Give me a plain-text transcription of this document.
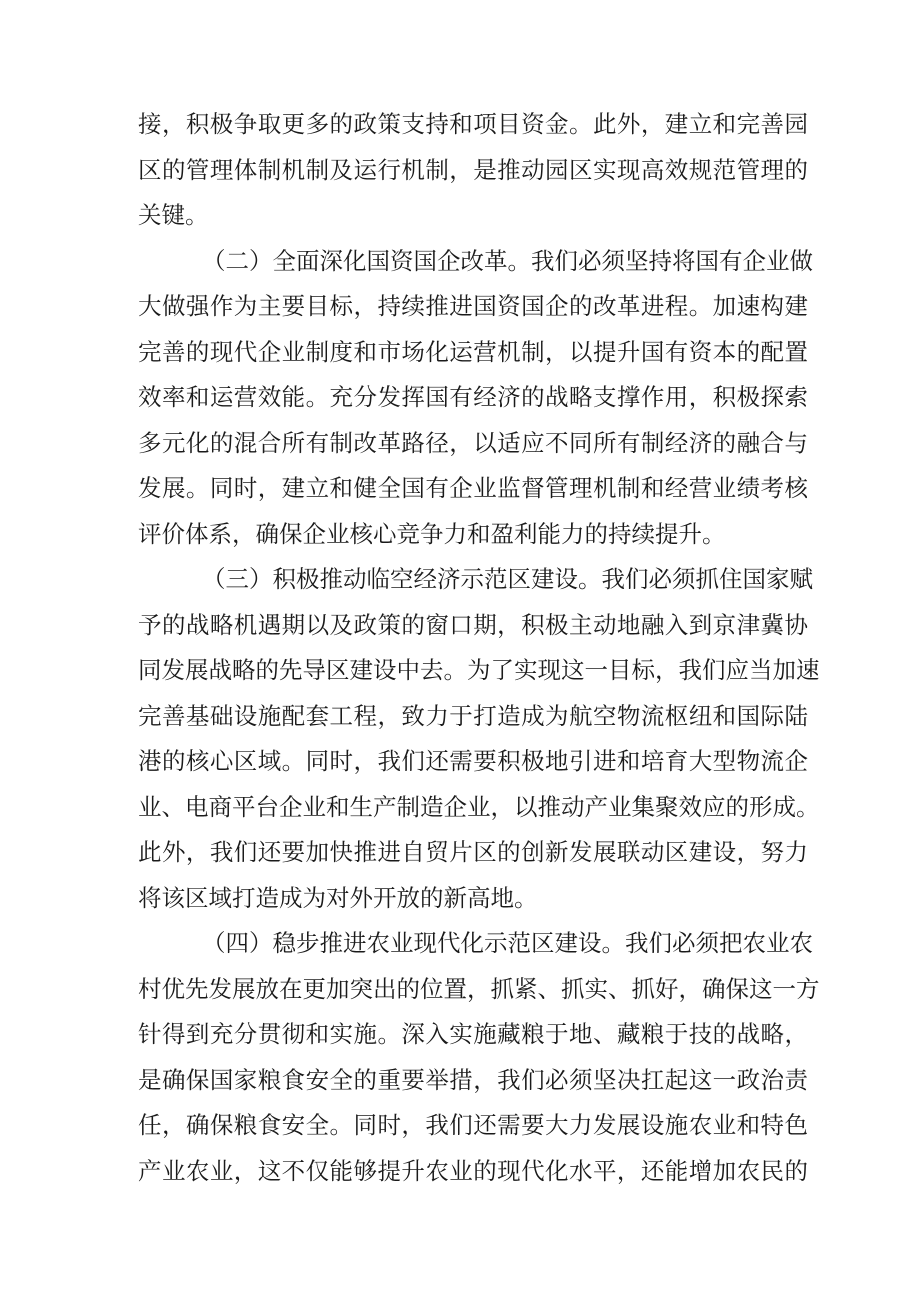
接，积极争取更多的政策支持和项目资金。此外，建立和完善园
区的管理体制机制及运行机制，是推动园区实现高效规范管理的
关键。
（二）全面深化国资国企改革。我们必须坚持将国有企业做
大做强作为主要目标，持续推进国资国企的改革进程。加速构建
完善的现代企业制度和市场化运营机制，以提升国有资本的配置
效率和运营效能。充分发挥国有经济的战略支撑作用，积极探索
多元化的混合所有制改革路径，以适应不同所有制经济的融合与
发展。同时，建立和健全国有企业监督管理机制和经营业绩考核
评价体系，确保企业核心竞争力和盈利能力的持续提升。
（三）积极推动临空经济示范区建设。我们必须抓住国家赋
予的战略机遇期以及政策的窗口期，积极主动地融入到京津冀协
同发展战略的先导区建设中去。为了实现这一目标，我们应当加速
完善基础设施配套工程，致力于打造成为航空物流枢纽和国际陆
港的核心区域。同时，我们还需要积极地引进和培育大型物流企
业、电商平台企业和生产制造企业，以推动产业集聚效应的形成。
此外，我们还要加快推进自贸片区的创新发展联动区建设，努力
将该区域打造成为对外开放的新高地。
（四）稳步推进农业现代化示范区建设。我们必须把农业农
村优先发展放在更加突出的位置，抓紧、抓实、抓好，确保这一方
针得到充分贯彻和实施。深入实施藏粮于地、藏粮于技的战略，
是确保国家粮食安全的重要举措，我们必须坚决扛起这一政治责
任，确保粮食安全。同时，我们还需要大力发展设施农业和特色
产业农业，这不仅能够提升农业的现代化水平，还能增加农民的
